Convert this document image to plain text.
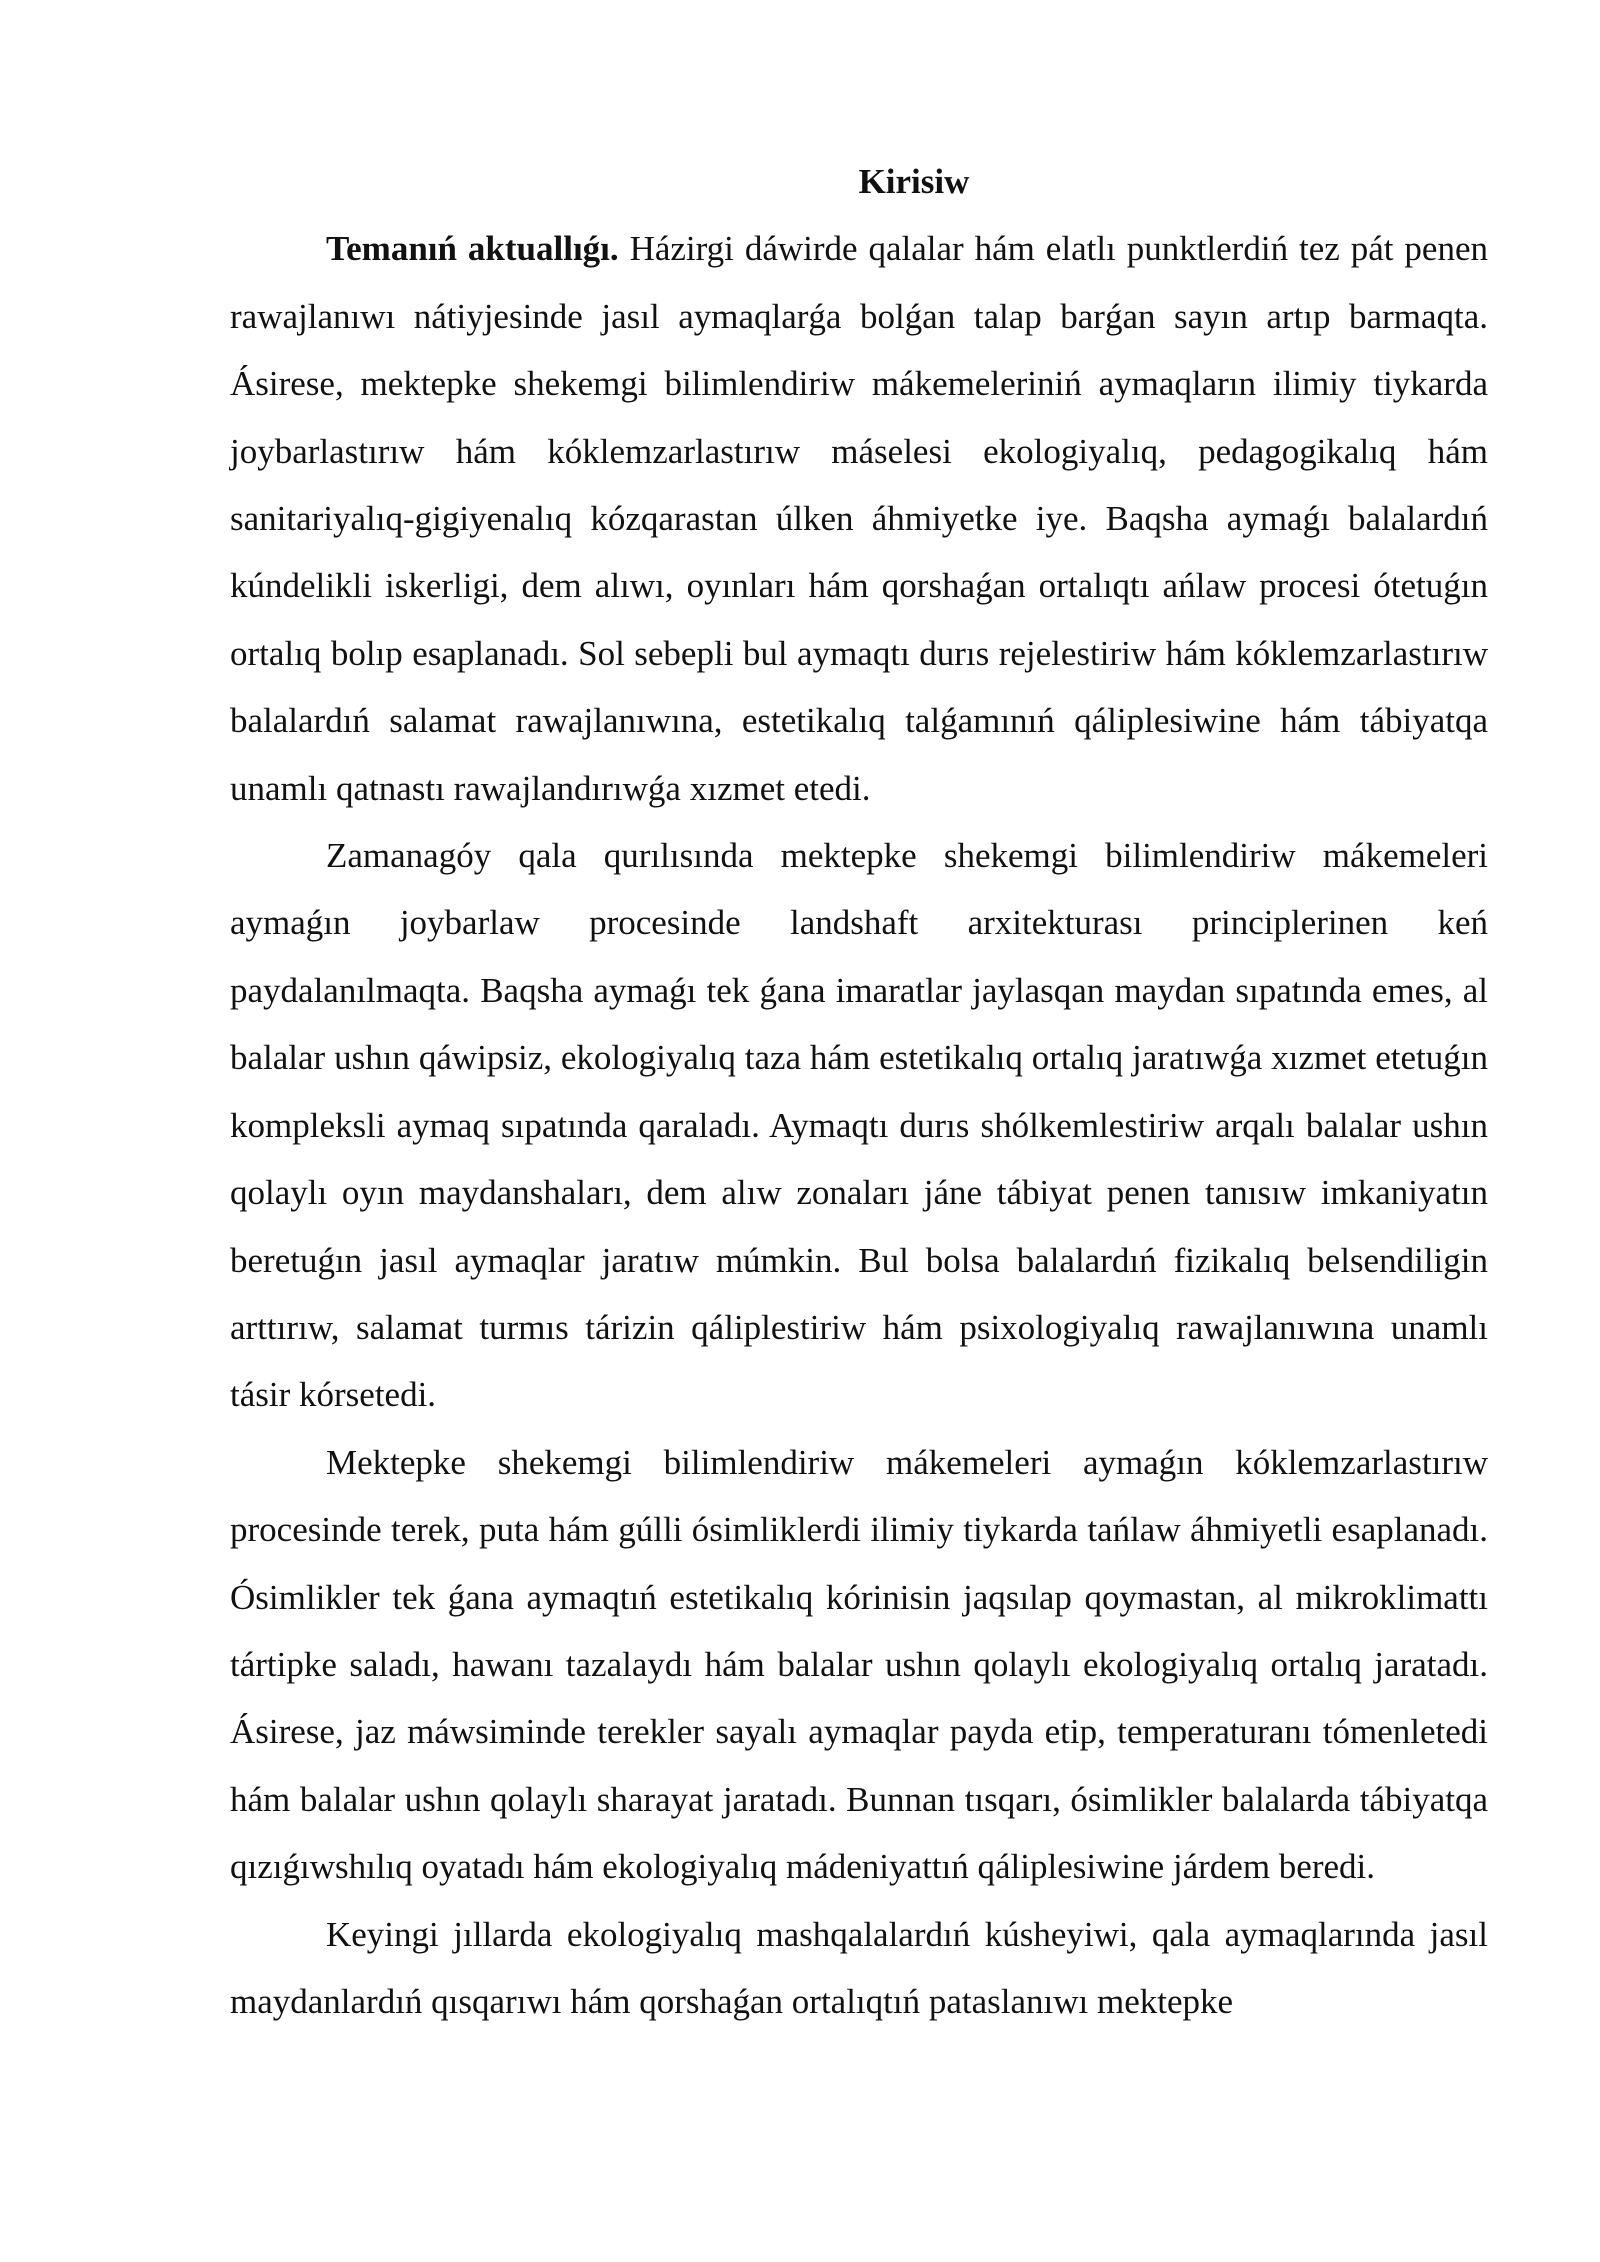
Kirisiw

Temanıń aktuallıǵı. Házirgi dáwirde qalalar hám elatlı punktlerdiń tez pát penen rawajlanıwı nátiyjesinde jasıl aymaqlarǵa bolǵan talap barǵan sayın artıp barmaqta. Ásirese, mektepke shekemgi bilimlendiriw mákemeleriniń aymaqların ilimiy tiykarda joybarlastırıw hám kóklemzarlastırıw máselesi ekologiyalıq, pedagogikalıq hám sanitariyalıq-gigiyenalıq kózqarastan úlken áhmiyetke iye. Baqsha aymaǵı balalardıń kúndelikli iskerligi, dem alıwı, oyınları hám qorshaǵan ortalıqtı ańlaw procesi ótetuǵın ortalıq bolıp esaplanadı. Sol sebepli bul aymaqtı durıs rejelestiriw hám kóklemzarlastırıw balalardıń salamat rawajlanıwına, estetikalıq talǵamınıń qáliplesiwine hám tábiyatqa unamlı qatnastı rawajlandırıwǵa xızmet etedi.

Zamanagóy qala qurılısında mektepke shekemgi bilimlendiriw mákemeleri aymaǵın joybarlaw procesinde landshaft arxitekturası principlerinen keń paydalanılmaqta. Baqsha aymaǵı tek ǵana imaratlar jaylasqan maydan sıpatında emes, al balalar ushın qáwipsiz, ekologiyalıq taza hám estetikalıq ortalıq jaratıwǵa xızmet etetuǵın kompleksli aymaq sıpatında qaraladı. Aymaqtı durıs shólkemlestiriw arqalı balalar ushın qolaylı oyın maydanshaları, dem alıw zonaları jáne tábiyat penen tanısıw imkaniyatın beretuǵın jasıl aymaqlar jaratıw múmkin. Bul bolsa balalardıń fizikalıq belsendiligin arttırıw, salamat turmıs tárizin qáliplestiriw hám psixologiyalıq rawajlanıwına unamlı tásir kórsetedi.

Mektepke shekemgi bilimlendiriw mákemeleri aymaǵın kóklemzarlastırıw procesinde terek, puta hám gúlli ósimliklerdi ilimiy tiykarda tańlaw áhmiyetli esaplanadı. Ósimlikler tek ǵana aymaqtıń estetikalıq kórinisin jaqsılap qoymastan, al mikroklimattı tártipke saladı, hawanı tazalaydı hám balalar ushın qolaylı ekologiyalıq ortalıq jaratadı. Ásirese, jaz máwsiminde terekler sayalı aymaqlar payda etip, temperaturanı tómenletedi hám balalar ushın qolaylı sharayat jaratadı. Bunnan tısqarı, ósimlikler balalarda tábiyatqa qızıǵıwshılıq oyatadı hám ekologiyalıq mádeniyattıń qáliplesiwine járdem beredi.

Keyingi jıllarda ekologiyalıq mashqalalardıń kúsheyiwi, qala aymaqlarında jasıl maydanlardıń qısqarıwı hám qorshaǵan ortalıqtıń pataslanıwı mektepke
